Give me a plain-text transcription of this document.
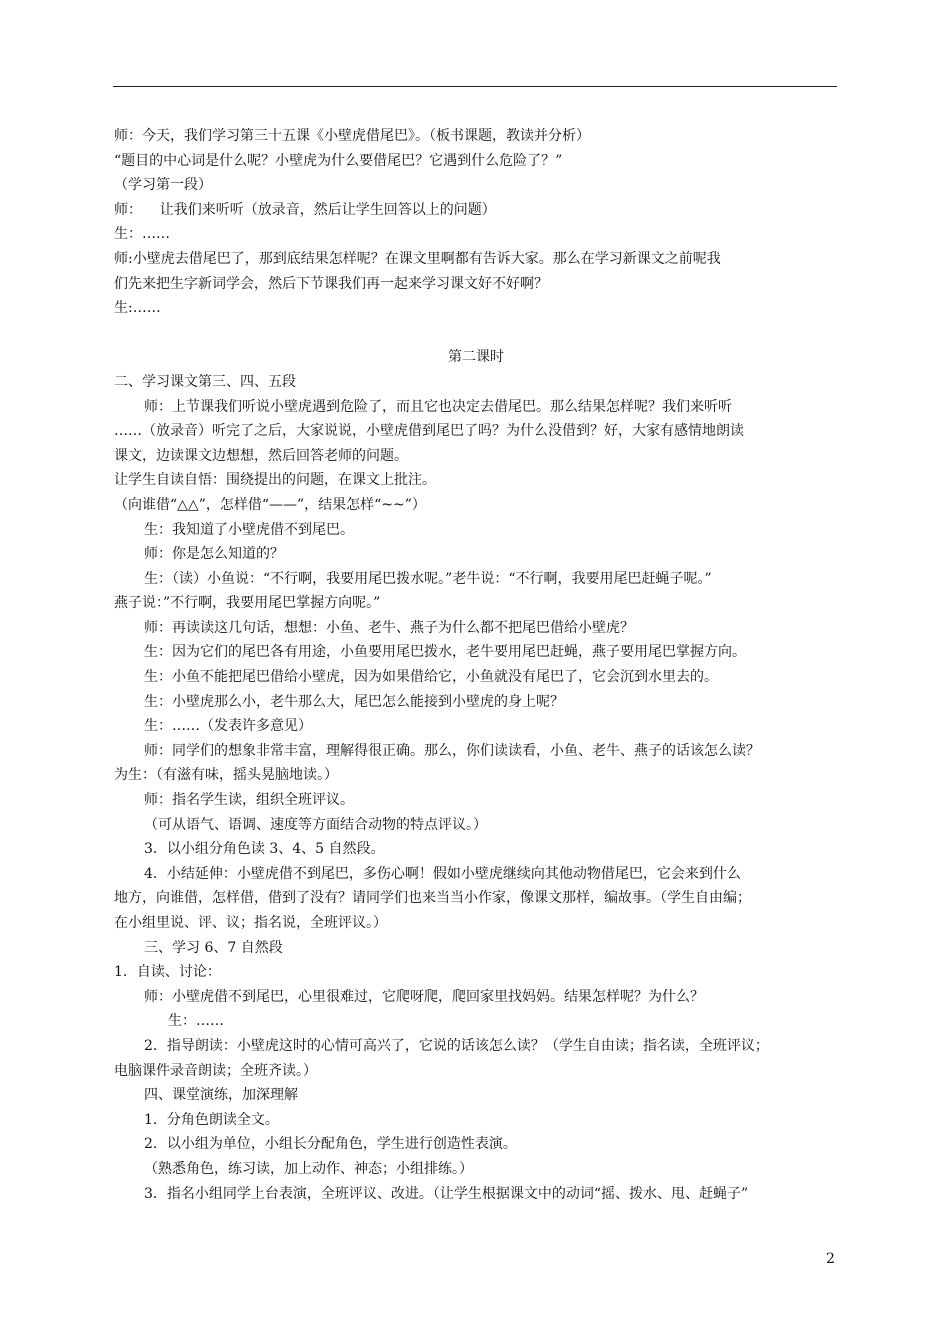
师：今天，我们学习第三十五课《小壁虎借尾巴》。（板书课题，教读并分析）
“题目的中心词是什么呢？小壁虎为什么要借尾巴？它遇到什么危险了？”
（学习第一段）
师：    让我们来听听（放录音，然后让学生回答以上的问题）
生：……
师:小壁虎去借尾巴了，那到底结果怎样呢？在课文里啊都有告诉大家。那么在学习新课文之前呢我
们先来把生字新词学会，然后下节课我们再一起来学习课文好不好啊？
生:……
第二课时
二、学习课文第三、四、五段
师：上节课我们听说小壁虎遇到危险了，而且它也决定去借尾巴。那么结果怎样呢？我们来听听
……（放录音）听完了之后，大家说说，小壁虎借到尾巴了吗？为什么没借到？好，大家有感情地朗读
课文，边读课文边想想，然后回答老师的问题。
让学生自读自悟：围绕提出的问题，在课文上批注。
（向谁借“△△”，怎样借“——”，结果怎样“~~”）
生：我知道了小壁虎借不到尾巴。
师：你是怎么知道的？
生：（读）小鱼说：“不行啊，我要用尾巴拨水呢。”老牛说：“不行啊，我要用尾巴赶蝇子呢。”
燕子说：”不行啊，我要用尾巴掌握方向呢。”
师：再读读这几句话，想想：小鱼、老牛、燕子为什么都不把尾巴借给小壁虎？
生：因为它们的尾巴各有用途，小鱼要用尾巴拨水，老牛要用尾巴赶蝇，燕子要用尾巴掌握方向。
生：小鱼不能把尾巴借给小壁虎，因为如果借给它，小鱼就没有尾巴了，它会沉到水里去的。
生：小壁虎那么小，老牛那么大，尾巴怎么能接到小壁虎的身上呢？
生：……（发表许多意见）
师：同学们的想象非常丰富，理解得很正确。那么，你们读读看，小鱼、老牛、燕子的话该怎么读？
为生：（有滋有味，摇头晃脑地读。）
师：指名学生读，组织全班评议。
（可从语气、语调、速度等方面结合动物的特点评议。）
3．以小组分角色读 3、4、5 自然段。
4．小结延伸：小壁虎借不到尾巴，多伤心啊！假如小壁虎继续向其他动物借尾巴，它会来到什么
地方，向谁借，怎样借，借到了没有？请同学们也来当当小作家，像课文那样，编故事。（学生自由编；
在小组里说、评、议；指名说，全班评议。）
三、学习 6、7 自然段
1．自读、讨论：
师：小壁虎借不到尾巴，心里很难过，它爬呀爬，爬回家里找妈妈。结果怎样呢？为什么？
生：……
2．指导朗读：小壁虎这时的心情可高兴了，它说的话该怎么读？（学生自由读；指名读，全班评议；
电脑课件录音朗读；全班齐读。）
四、课堂演练，加深理解
1．分角色朗读全文。
2．以小组为单位，小组长分配角色，学生进行创造性表演。
（熟悉角色，练习读，加上动作、神态；小组排练。）
3．指名小组同学上台表演，全班评议、改进。（让学生根据课文中的动词“摇、拨水、甩、赶蝇子”
2
